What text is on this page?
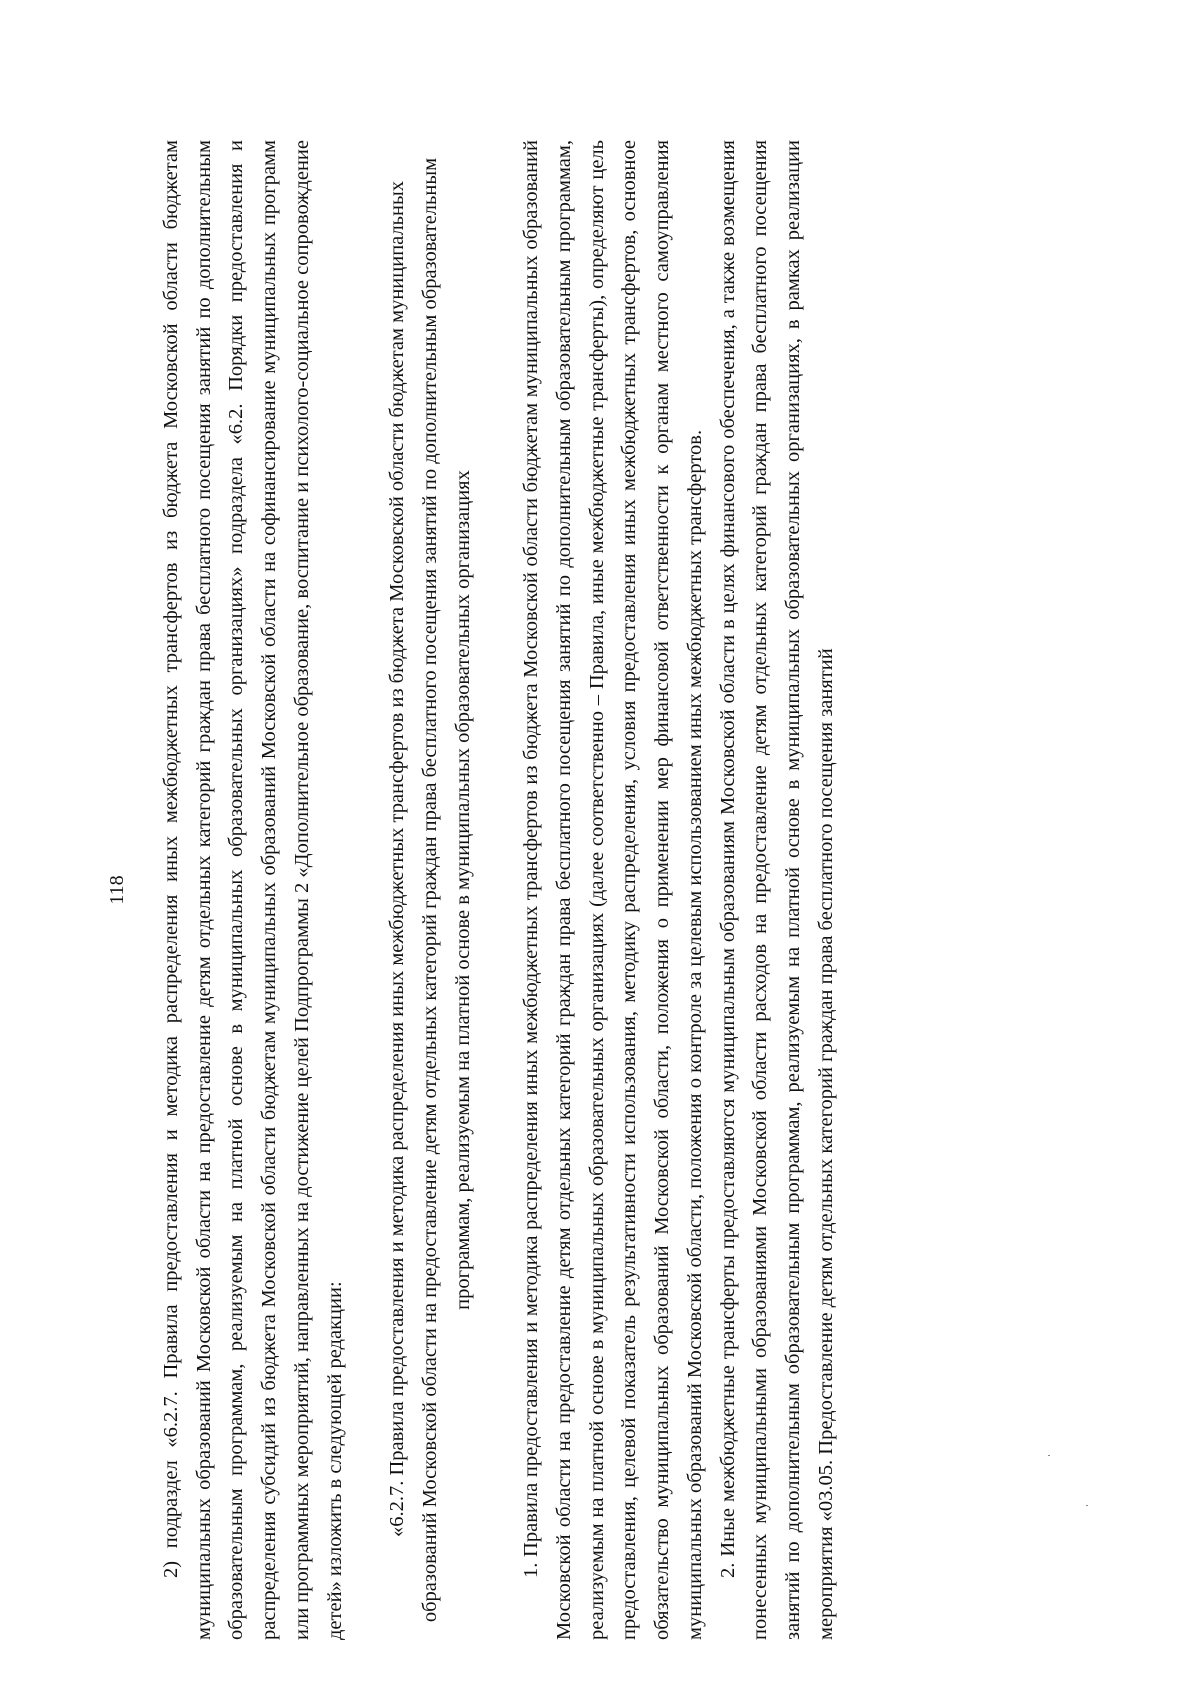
118 2) подраздел «6.2.7. Правила предоставления и методика распределения иных межбюджетных трансфертов из бюджета Московской области бюджетам муниципальных образований Московской области на предоставление детям отдельных категорий граждан права бесплатного посещения занятий по дополнительным образовательным программам, реализуемым на платной основе в муниципальных образовательных организациях» подраздела «6.2. Порядки предоставления и распределения субсидий из бюджета Московской области бюджетам муниципальных образований Московской области на софинансирование муниципальных программ или программных мероприятий, направленных на достижение целей Подпрограммы 2 «Дополнительное образование, воспитание и психолого-социальное сопровождение детей» изложить в следующей редакции: «6.2.7. Правила предоставления и методика распределения иных межбюджетных трансфертов из бюджета Московской области бюджетам муниципальных образований Московской области на предоставление детям отдельных категорий граждан права бесплатного посещения занятий по дополнительным образовательным программам, реализуемым на платной основе в муниципальных образовательных организациях 1. Правила предоставления и методика распределения иных межбюджетных трансфертов из бюджета Московской области бюджетам муниципальных образований Московской области на предоставление детям отдельных категорий граждан права бесплатного посещения занятий по дополнительным образовательным программам, реализуемым на платной основе в муниципальных образовательных организациях (далее соответственно – Правила, иные межбюджетные трансферты), определяют цель предоставления, целевой показатель результативности использования, методику распределения, условия предоставления иных межбюджетных трансфертов, основное обязательство муниципальных образований Московской области, положения о применении мер финансовой ответственности к органам местного самоуправления муниципальных образований Московской области, положения о контроле за целевым использованием иных межбюджетных трансфертов. 2. Иные межбюджетные трансферты предоставляются муниципальным образованиям Московской области в целях финансового обеспечения, а также возмещения понесенных муниципальными образованиями Московской области расходов на предоставление детям отдельных категорий граждан права бесплатного посещения занятий по дополнительным образовательным программам, реализуемым на платной основе в муниципальных образовательных организациях, в рамках реализации мероприятия «03.05. Предоставление детям отдельных категорий граждан права бесплатного посещения занятий
